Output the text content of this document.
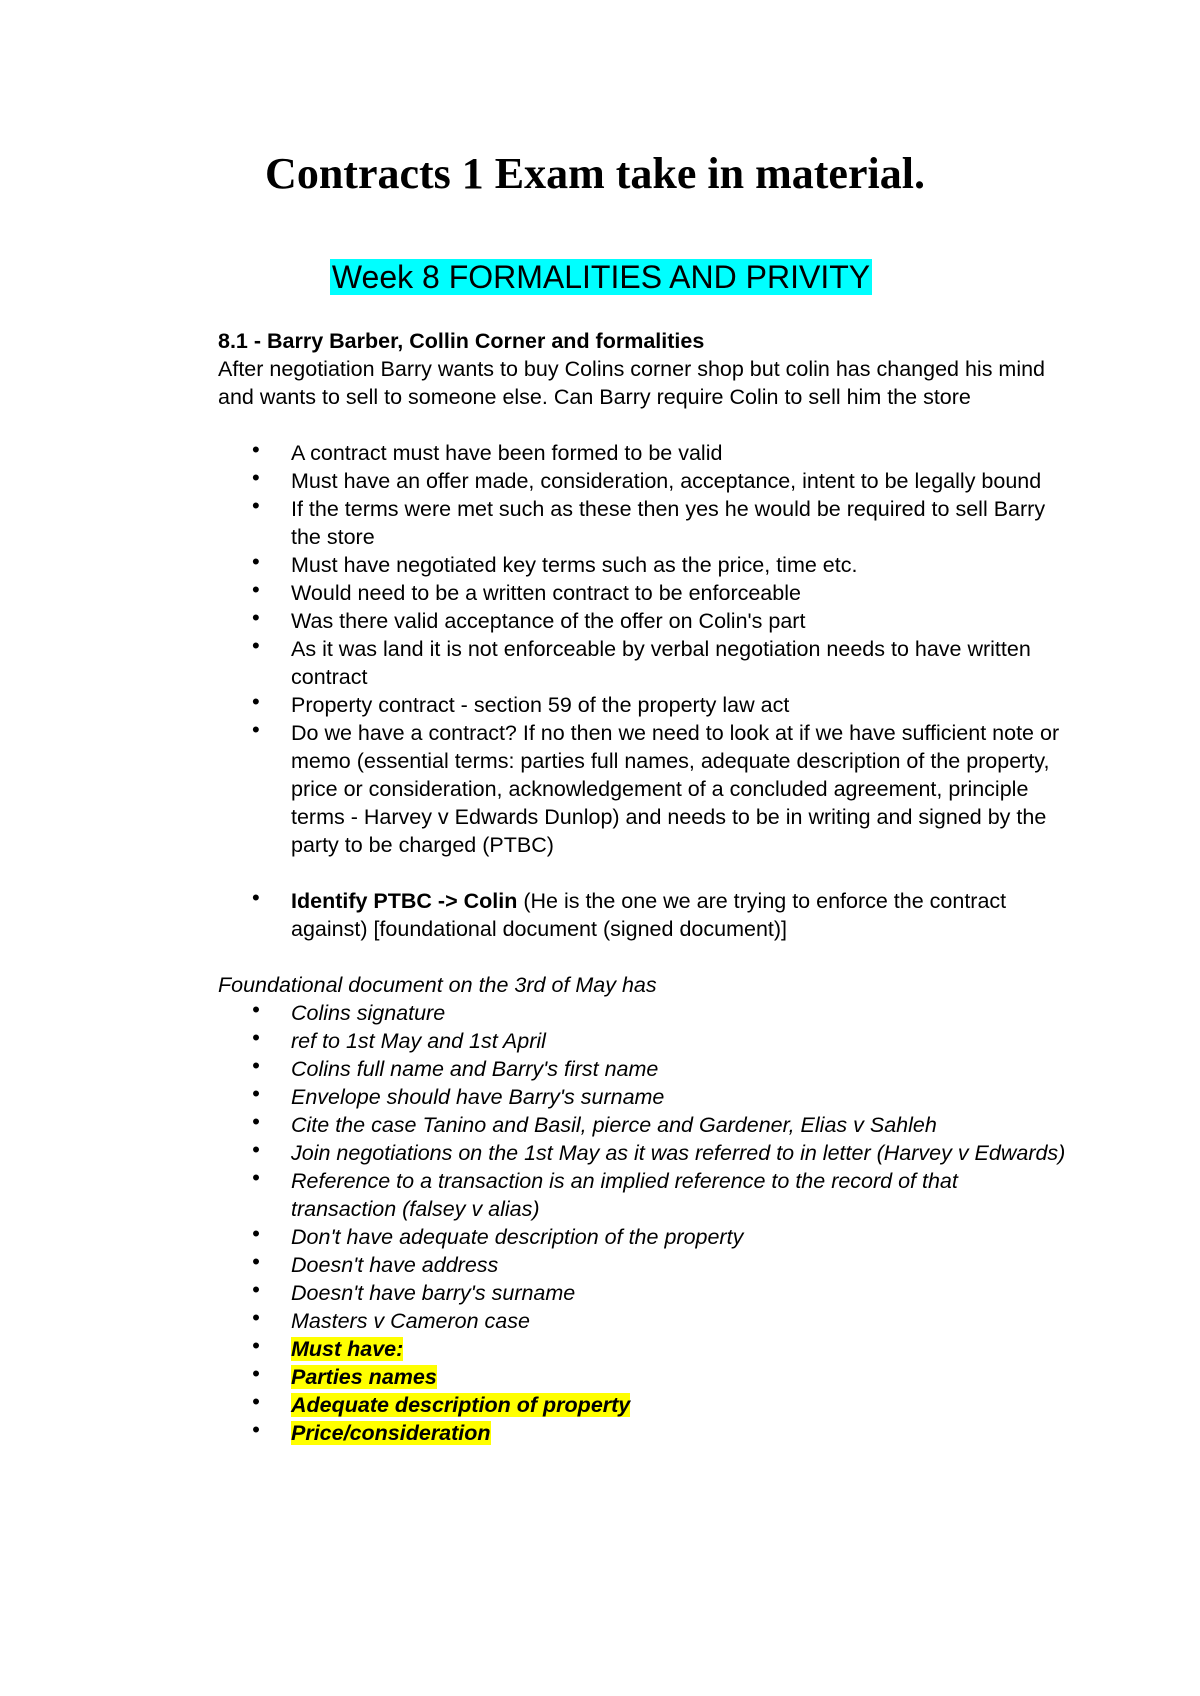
Contracts 1 Exam take in material.
Week 8 FORMALITIES AND PRIVITY

8.1 - Barry Barber, Collin Corner and formalities

After negotiation Barry wants to buy Colins corner shop but colin has changed his mind and wants to sell to someone else. Can Barry require Colin to sell him the store

• A contract must have been formed to be valid
• Must have an offer made, consideration, acceptance, intent to be legally bound
• If the terms were met such as these then yes he would be required to sell Barry the store
• Must have negotiated key terms such as the price, time etc.
• Would need to be a written contract to be enforceable
• Was there valid acceptance of the offer on Colin's part
• As it was land it is not enforceable by verbal negotiation needs to have written contract
• Property contract - section 59 of the property law act
• Do we have a contract? If no then we need to look at if we have sufficient note or memo (essential terms: parties full names, adequate description of the property, price or consideration, acknowledgement of a concluded agreement, principle terms - Harvey v Edwards Dunlop) and needs to be in writing and signed by the party to be charged (PTBC)
• Identify PTBC -> Colin (He is the one we are trying to enforce the contract against) [foundational document (signed document)]

Foundational document on the 3rd of May has

• Colins signature
• ref to 1st May and 1st April
• Colins full name and Barry's first name
• Envelope should have Barry's surname
• Cite the case Tanino and Basil, pierce and Gardener, Elias v Sahleh
• Join negotiations on the 1st May as it was referred to in letter (Harvey v Edwards)
• Reference to a transaction is an implied reference to the record of that transaction (falsey v alias)
• Don't have adequate description of the property
• Doesn't have address
• Doesn't have barry's surname
• Masters v Cameron case
• Must have:
• Parties names
• Adequate description of property
• Price/consideration
